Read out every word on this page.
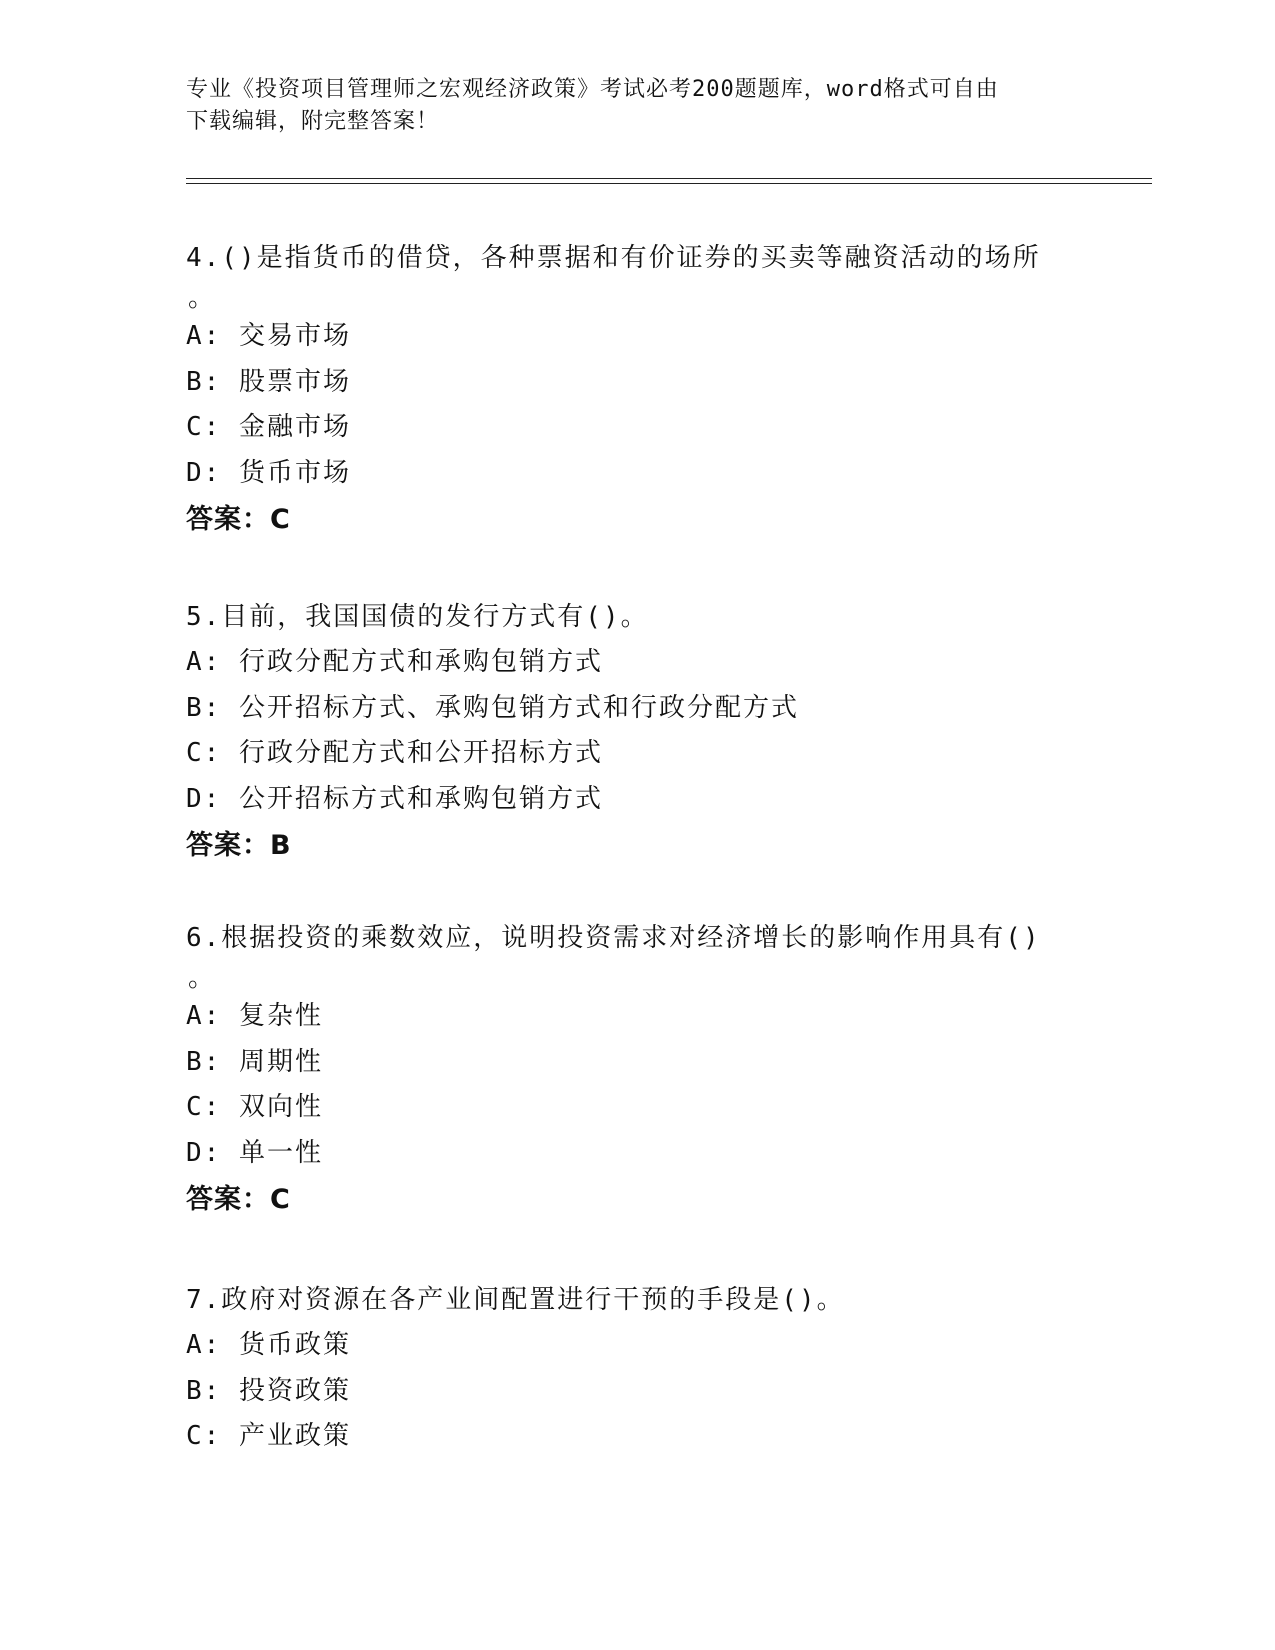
专业《投资项目管理师之宏观经济政策》考试必考200题题库，word格式可自由
下载编辑，附完整答案！
4.()是指货币的借贷，各种票据和有价证券的买卖等融资活动的场所
。
A: 交易市场
B: 股票市场
C: 金融市场
D: 货币市场
答案：C
5.目前，我国国债的发行方式有()。
A: 行政分配方式和承购包销方式
B: 公开招标方式、承购包销方式和行政分配方式
C: 行政分配方式和公开招标方式
D: 公开招标方式和承购包销方式
答案：B
6.根据投资的乘数效应，说明投资需求对经济增长的影响作用具有()
。
A: 复杂性
B: 周期性
C: 双向性
D: 单一性
答案：C
7.政府对资源在各产业间配置进行干预的手段是()。
A: 货币政策
B: 投资政策
C: 产业政策
